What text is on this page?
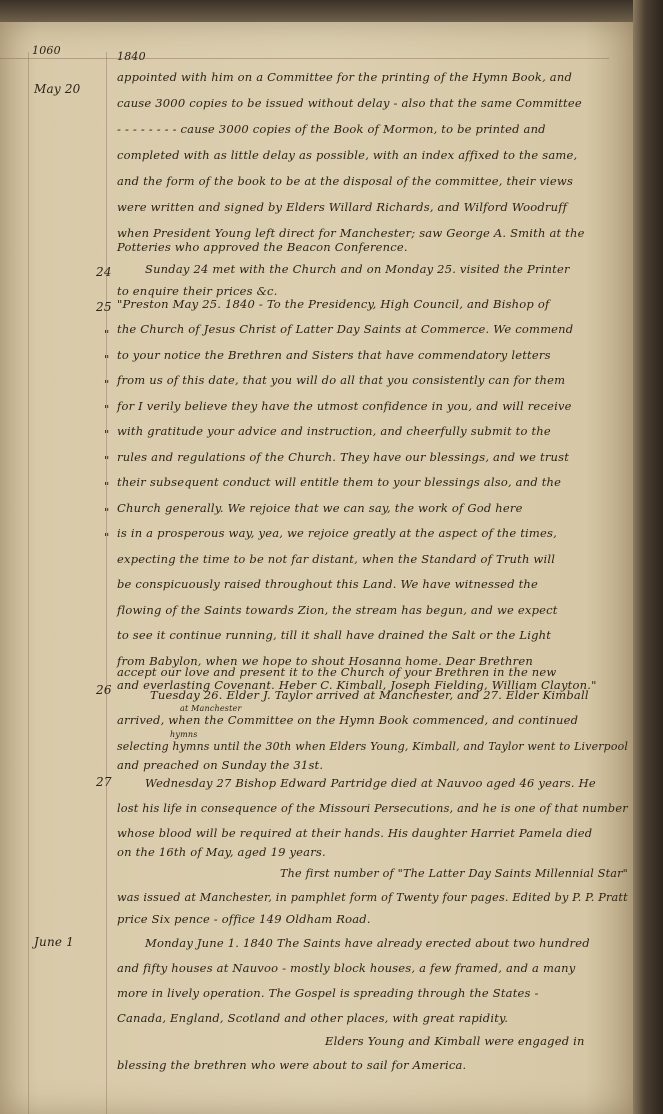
1060	1840
May 20
24
25
26
27
June 1
"
"
"
"
"
"
"
"
"
appointed with him on a Committee for the printing of the Hymn Book, and
cause 3000 copies to be issued without delay - also that the same Committee
- - - - - - - - cause 3000 copies of the Book of Mormon, to be printed and
completed with as little delay as possible, with an index affixed to the same,
and the form of the book to be at the disposal of the committee, their views
were written and signed by Elders Willard Richards, and Wilford Woodruff
when President Young left direct for Manchester; saw George A. Smith at the
Potteries who approved the Beacon Conference.
Sunday 24 met with the Church and on Monday 25. visited the Printer
to enquire their prices &c.
"Preston May 25. 1840 - To the Presidency, High Council, and Bishop of
the Church of Jesus Christ of Latter Day Saints at Commerce. We commend
to your notice the Brethren and Sisters that have commendatory letters
from us of this date, that you will do all that you consistently can for them
for I verily believe they have the utmost confidence in you, and will receive
with gratitude your advice and instruction, and cheerfully submit to the
rules and regulations of the Church. They have our blessings, and we trust
their subsequent conduct will entitle them to your blessings also, and the
Church generally. We rejoice that we can say, the work of God here
is in a prosperous way, yea, we rejoice greatly at the aspect of the times,
expecting the time to be not far distant, when the Standard of Truth will
be conspicuously raised throughout this Land. We have witnessed the
flowing of the Saints towards Zion, the stream has begun, and we expect
to see it continue running, till it shall have drained the Salt or the Light
from Babylon, when we hope to shout Hosanna home. Dear Brethren
accept our love and present it to the Church of your Brethren in the new
and everlasting Covenant. Heber C. Kimball, Joseph Fielding, William Clayton."
Tuesday 26. Elder J. Taylor arrived at Manchester, and 27. Elder Kimball
at Manchester
arrived, when the Committee on the Hymn Book commenced, and continued
hymns
selecting hymns until the 30th when Elders Young, Kimball, and Taylor went to Liverpool
and preached on Sunday the 31st.
Wednesday 27 Bishop Edward Partridge died at Nauvoo aged 46 years. He
lost his life in consequence of the Missouri Persecutions, and he is one of that number
whose blood will be required at their hands. His daughter Harriet Pamela died
on the 16th of May, aged 19 years.
The first number of "The Latter Day Saints Millennial Star"
was issued at Manchester, in pamphlet form of Twenty four pages. Edited by P. P. Pratt
price Six pence - office 149 Oldham Road.
Monday June 1. 1840 The Saints have already erected about two hundred
and fifty houses at Nauvoo - mostly block houses, a few framed, and a many
more in lively operation. The Gospel is spreading through the States -
Canada, England, Scotland and other places, with great rapidity.
Elders Young and Kimball were engaged in
blessing the brethren who were about to sail for America.
